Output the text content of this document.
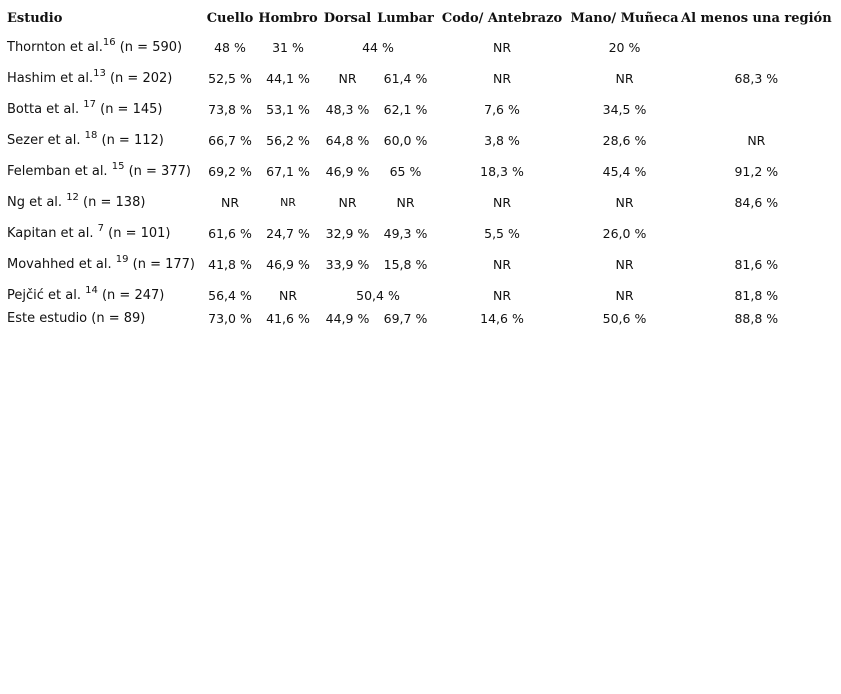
Estudio	Cuello	Hombro	Dorsal	Lumbar	Codo/ Antebrazo	Mano/ Muñeca	Al menos una región
Thornton et al.$^{16}$ (n = 590)	48 %	31 %	44 %		NR	20 %	
Hashim et al.$^{13}$ (n = 202)	52,5 %	44,1 %	NR	61,4 %	NR	NR	68,3 %
Botta et al. $^{17}$ (n = 145)	73,8 %	53,1 %	48,3 %	62,1 %	7,6 %	34,5 %	
Sezer et al. $^{18}$ (n = 112)	66,7 %	56,2 %	64,8 %	60,0 %	3,8 %	28,6 %	NR
Felemban et al. $^{15}$ (n = 377)	69,2 %	67,1 %	46,9 %	65 %	18,3 %	45,4 %	91,2 %
Ng et al. $^{12}$ (n = 138)	NR	NR	NR	NR	NR	NR	84,6 %
Kapitan et al. $^7$ (n = 101)	61,6 %	24,7 %	32,9 %	49,3 %	5,5 %	26,0 %	
Movahhed et al. $^{19}$ (n = 177)	41,8 %	46,9 %	33,9 %	15,8 %	NR	NR	81,6 %
Pejčić et al. $^{14}$ (n = 247)	56,4 %	NR	50,4 %		NR	NR	81,8 %
Este estudio (n = 89)	73,0 %	41,6 %	44,9 %	69,7 %	14,6 %	50,6 %	88,8 %
